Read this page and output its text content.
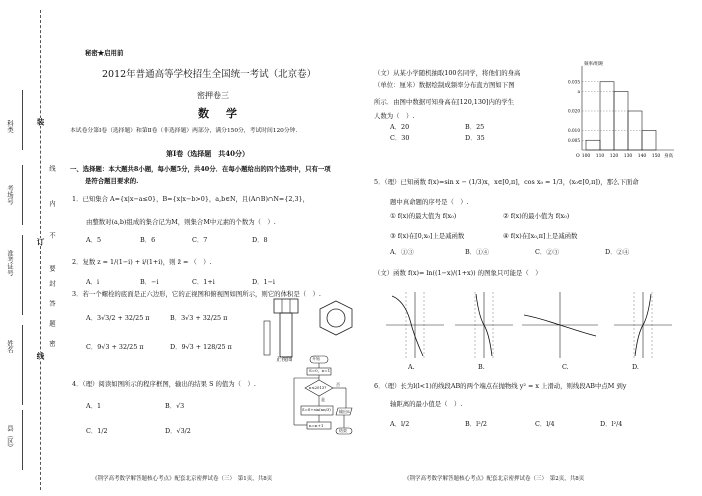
科类
考场号
准考证号
姓名
县（区）
装
订
线
线
内
不
要
答
题
封
密
秘密★启用前
2012年普通高等学校招生全国统一考试（北京卷）
密押卷三
数　学
本试卷分第Ⅰ卷（选择题）和第Ⅱ卷（非选择题）两部分，满分150分，考试时间120分钟.
第Ⅰ卷（选择题　共40分）
一、选择题：本大题共8小题，每小题5分，共40分．在每小题给出的四个选项中，只有一项
是符合题目要求的.
1．已知集合 A={x|x−a≤0}，B={x|x−b>0}，a,b∈N，且(A∩B)∩N={2,3}，
由整数对(a,b)组成的集合记为M，则集合M中元素的个数为（　）.
A．5	B．6	C．7	D．8
2．复数 z = 1/(1−i) + i/(1+i)，则 z̄ = （　）.
A．i	B．−i	C．1+i	D．1−i
3．若一个螺栓的底面是正六边形，它的正视图和俯视图如图所示，则它的体积是（　）.
A．3√3/2 + 32/25 π	B．3√3 + 32/25 π
C．9√3 + 32/25 π	D．9√3 + 128/25 π
正视图
4．（理）阅读如图所示的程序框图，输出的结果 S 的值为（　）.
A．1	B．√3
C．1/2	D．√3/2
开始
S=0，n=1
否
是
S=S+sin(nπ/3)
n≤2013?
输出S
n=n+1
结束
《荆学高考数学解答题核心考点》配套北京密押试卷（三）　第1页，共8页
（文）从某小学随机抽取100名同学，将他们的身高
（单位：厘米）数据绘制成频率分布直方图如下图
所示．由图中数据可知身高在[120,130]内的学生
人数为（　）.
A．20	B．25
C．30	D．35
100 110 120 130 140 150
0.035
a
0.020
0.010
0.005
频率/组距
身高
O
5．（理）已知函数 f(x)=sin x − (1/3)x，x∈[0,π]，cos x₀ = 1/3，(x₀∈[0,π])，那么下面命
题中真命题的序号是（　）.
① f(x)的最大值为 f(x₀)	② f(x)的最小值为 f(x₀)
③ f(x)在[0,x₀]上是减函数	④ f(x)在[x₀,π]上是减函数
A．①③	B．①④	C．②③	D．②④
（文）函数 f(x)= ln((1−x)/(1+x)) 的图象只可能是（　）
A.	B.	C.	D.
6．（理）长为l(l<1)的线段AB的两个端点在抛物线 y² = x 上滑动，则线段AB中点M 到y
轴距离的最小值是（　）.
A．l/2	B．l²/2	C．l/4	D．l²/4
《荆学高考数学解答题核心考点》配套北京密押试卷（三）　第2页，共8页
